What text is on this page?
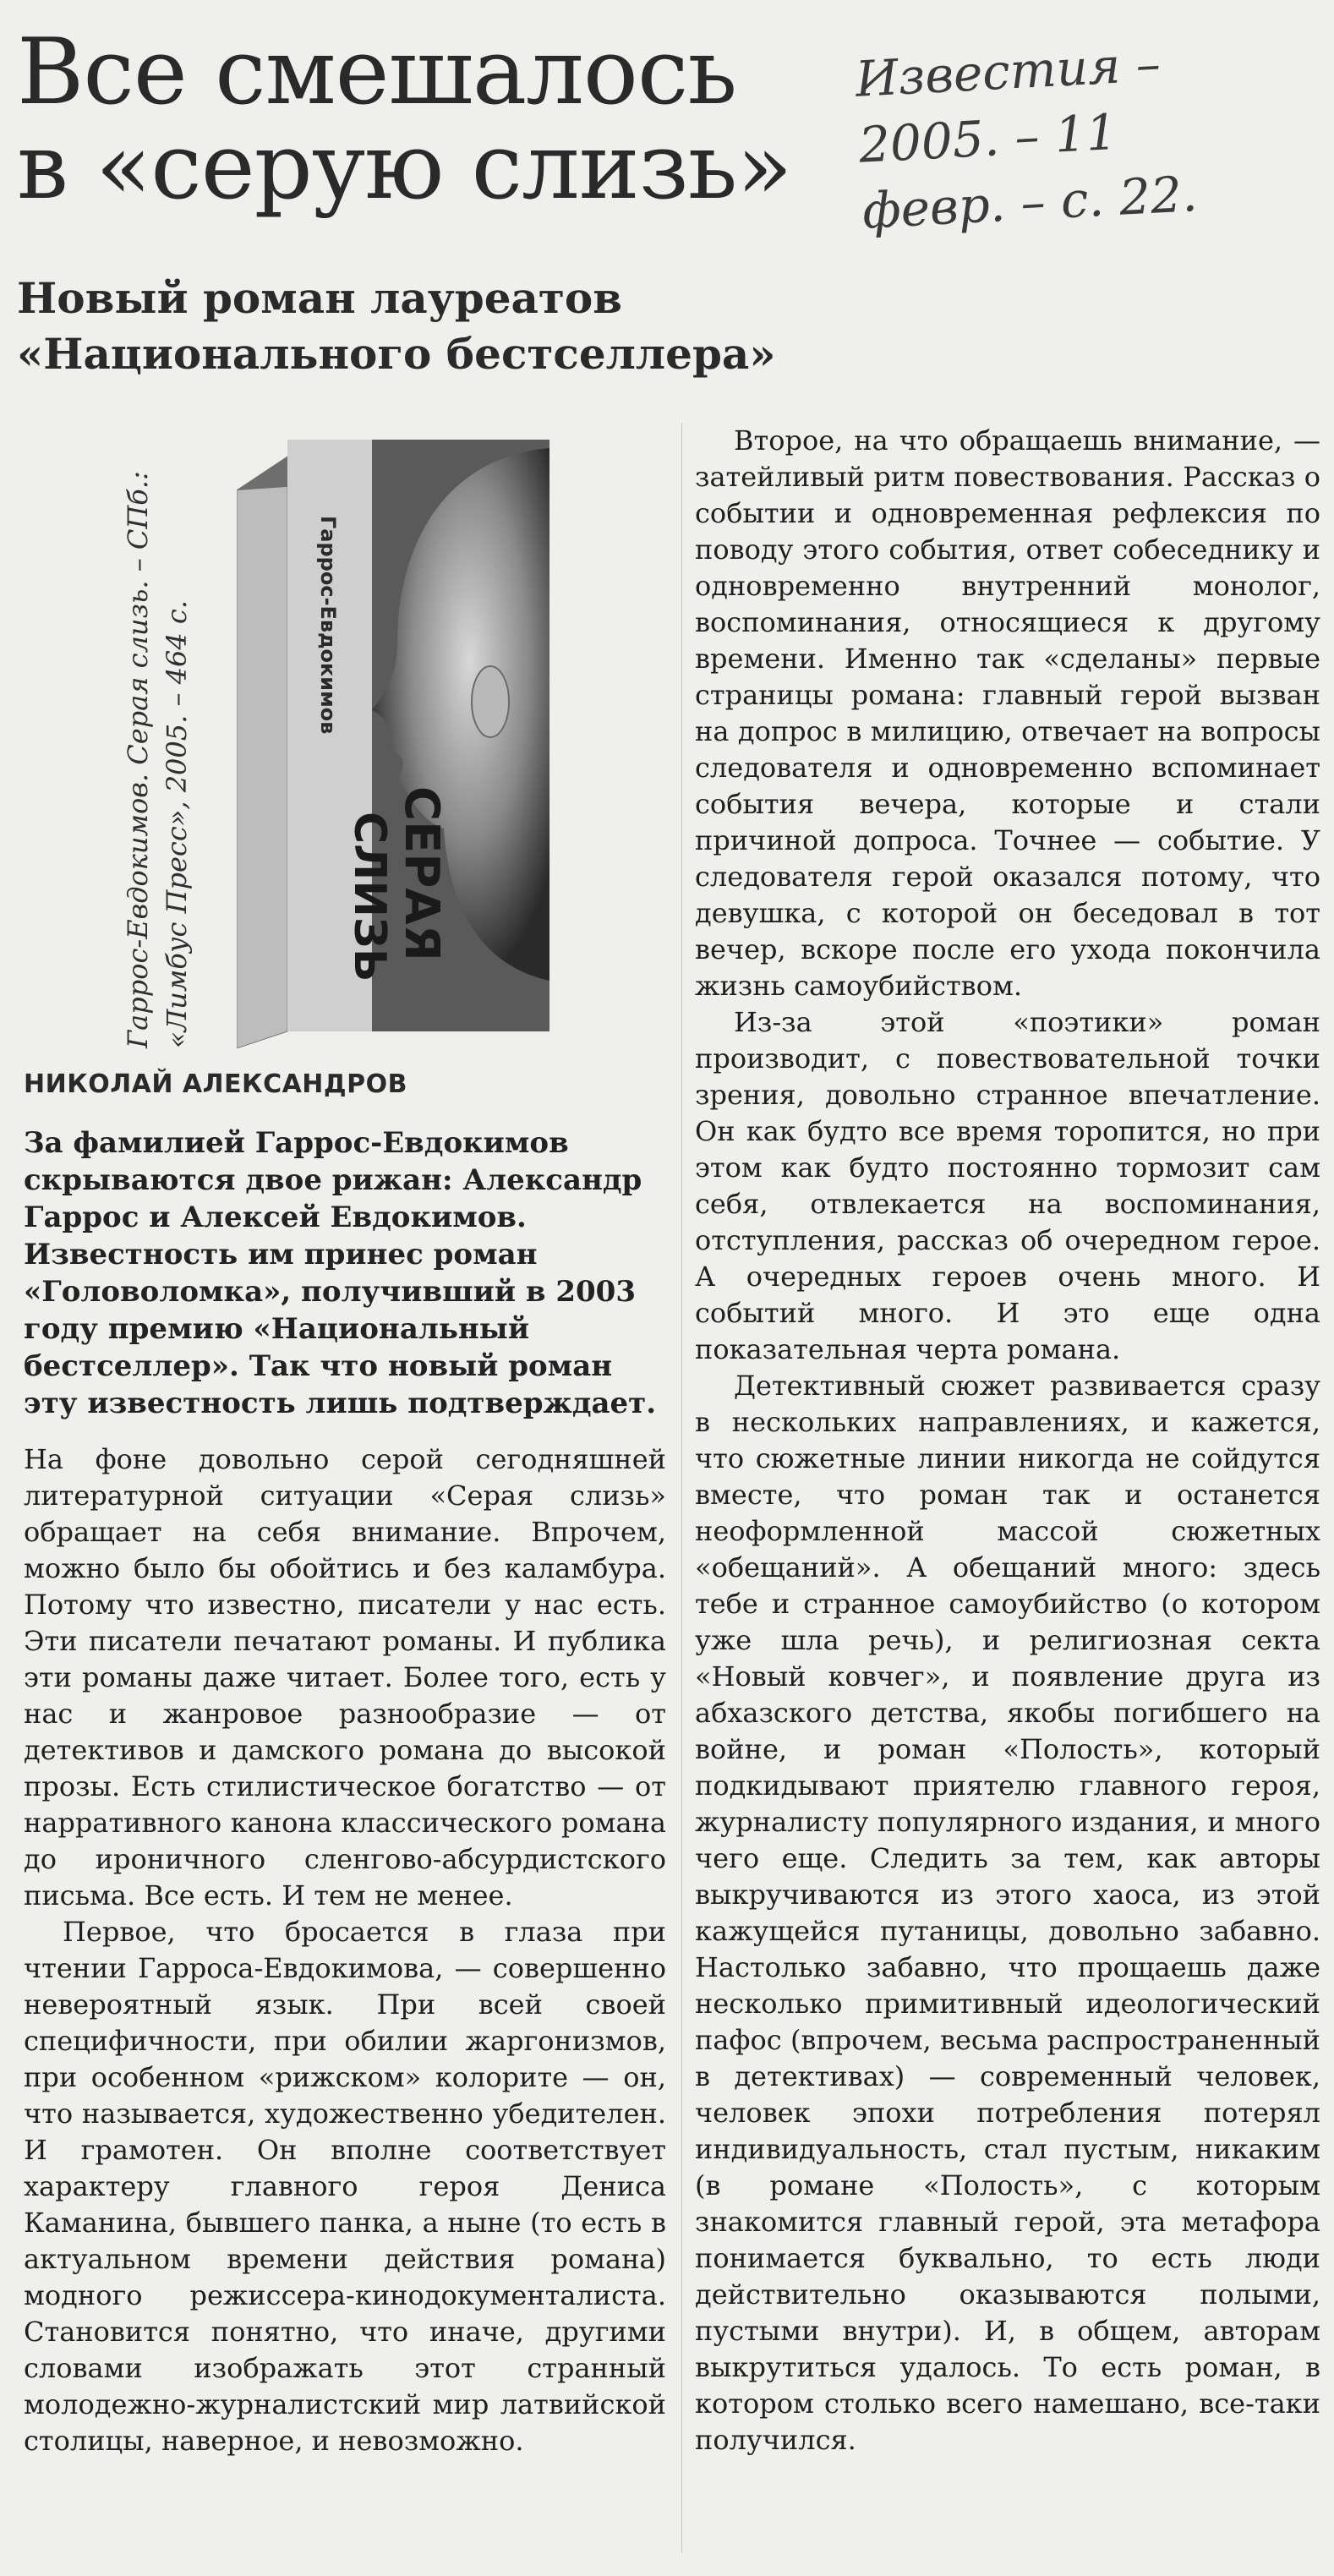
Все смешалось
в «серую слизь»
Известия –
2005. – 11
февр. – с. 22.
Новый роман лауреатов
«Национального бестселлера»
Гаррос-Евдокимов. Серая слизь. – СПб.: «Лимбус Пресс», 2005. – 464 с.	Гаррос-Евдокимов
СЕРАЯ
СЛИЗЬ
НИКОЛАЙ АЛЕКСАНДРОВ
За фамилией Гаррос-Евдокимов скрываются двое рижан: Александр Гаррос и Алексей Евдокимов. Известность им принес роман «Головоломка», получивший в 2003 году премию «Национальный бестселлер». Так что новый роман эту известность лишь подтверждает.

На фоне довольно серой сегодняшней литературной ситуации «Серая слизь» обращает на себя внимание. Впрочем, можно было бы обойтись и без каламбура. Потому что известно, писатели у нас есть. Эти писатели печатают романы. И публика эти романы даже читает. Более того, есть у нас и жанровое разнообразие — от детективов и дамского романа до высокой прозы. Есть стилистическое богатство — от нарративного канона классического романа до ироничного сленгово-абсурдистского письма. Все есть. И тем не менее.

Первое, что бросается в глаза при чтении Гарроса-Евдокимова, — совершенно невероятный язык. При всей своей специфичности, при обилии жаргонизмов, при особенном «рижском» колорите — он, что называется, художественно убедителен. И грамотен. Он вполне соответствует характеру главного героя Дениса Каманина, бывшего панка, а ныне (то есть в актуальном времени действия романа) модного режиссера-кинодокументалиста. Становится понятно, что иначе, другими словами изображать этот странный молодежно-журналистский мир латвийской столицы, наверное, и невозможно.

Второе, на что обращаешь внимание, — затейливый ритм повествования. Рассказ о событии и одновременная рефлексия по поводу этого события, ответ собеседнику и одновременно внутренний монолог, воспоминания, относящиеся к другому времени. Именно так «сделаны» первые страницы романа: главный герой вызван на допрос в милицию, отвечает на вопросы следователя и одновременно вспоминает события вечера, которые и стали причиной допроса. Точнее — событие. У следователя герой оказался потому, что девушка, с которой он беседовал в тот вечер, вскоре после его ухода покончила жизнь самоубийством.

Из-за этой «поэтики» роман производит, с повествовательной точки зрения, довольно странное впечатление. Он как будто все время торопится, но при этом как будто постоянно тормозит сам себя, отвлекается на воспоминания, отступления, рассказ об очередном герое. А очередных героев очень много. И событий много. И это еще одна показательная черта романа.

Детективный сюжет развивается сразу в нескольких направлениях, и кажется, что сюжетные линии никогда не сойдутся вместе, что роман так и останется неоформленной массой сюжетных «обещаний». А обещаний много: здесь тебе и странное самоубийство (о котором уже шла речь), и религиозная секта «Новый ковчег», и появление друга из абхазского детства, якобы погибшего на войне, и роман «Полость», который подкидывают приятелю главного героя, журналисту популярного издания, и много чего еще. Следить за тем, как авторы выкручиваются из этого хаоса, из этой кажущейся путаницы, довольно забавно. Настолько забавно, что прощаешь даже несколько примитивный идеологический пафос (впрочем, весьма распространенный в детективах) — современный человек, человек эпохи потребления потерял индивидуальность, стал пустым, никаким (в романе «Полость», с которым знакомится главный герой, эта метафора понимается буквально, то есть люди действительно оказываются полыми, пустыми внутри). И, в общем, авторам выкрутиться удалось. То есть роман, в котором столько всего намешано, все-таки получился.
